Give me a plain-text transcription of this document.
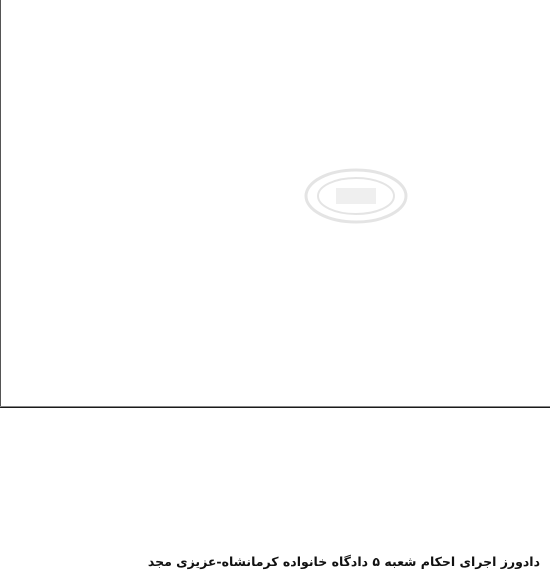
دادورز اجرای احکام شعبه ۵ دادگاه خانواده کرمانشاه-عزیزی مجد
